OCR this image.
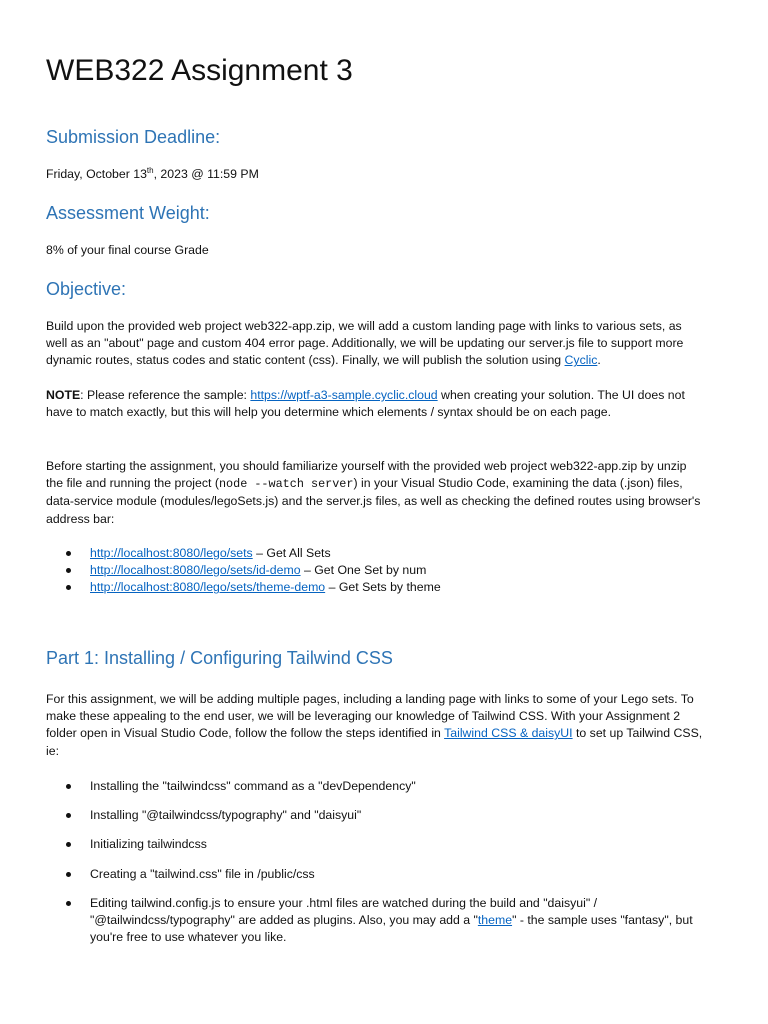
WEB322 Assignment 3
Submission Deadline:
Friday, October 13th, 2023 @ 11:59 PM
Assessment Weight:
8% of your final course Grade
Objective:
Build upon the provided web project web322-app.zip, we will add a custom landing page with links to various sets, as
well as an "about" page and custom 404 error page. Additionally, we will be updating our server.js file to support more
dynamic routes, status codes and static content (css). Finally, we will publish the solution using Cyclic.
NOTE: Please reference the sample: https://wptf-a3-sample.cyclic.cloud when creating your solution. The UI does not
have to match exactly, but this will help you determine which elements / syntax should be on each page.
Before starting the assignment, you should familiarize yourself with the provided web project web322-app.zip by unzip
the file and running the project (node --watch server) in your Visual Studio Code, examining the data (.json) files,
data-service module (modules/legoSets.js) and the server.js files, as well as checking the defined routes using browser's
address bar:
http://localhost:8080/lego/sets – Get All Sets
http://localhost:8080/lego/sets/id-demo – Get One Set by num
http://localhost:8080/lego/sets/theme-demo – Get Sets by theme
Part 1: Installing / Configuring Tailwind CSS
For this assignment, we will be adding multiple pages, including a landing page with links to some of your Lego sets. To
make these appealing to the end user, we will be leveraging our knowledge of Tailwind CSS. With your Assignment 2
folder open in Visual Studio Code, follow the follow the steps identified in Tailwind CSS & daisyUI to set up Tailwind CSS,
ie:
Installing the "tailwindcss" command as a "devDependency"
Installing "@tailwindcss/typography" and "daisyui"
Initializing tailwindcss
Creating a "tailwind.css" file in /public/css
Editing tailwind.config.js to ensure your .html files are watched during the build and "daisyui" /
"@tailwindcss/typography" are added as plugins. Also, you may add a "theme" - the sample uses "fantasy", but
you're free to use whatever you like.
